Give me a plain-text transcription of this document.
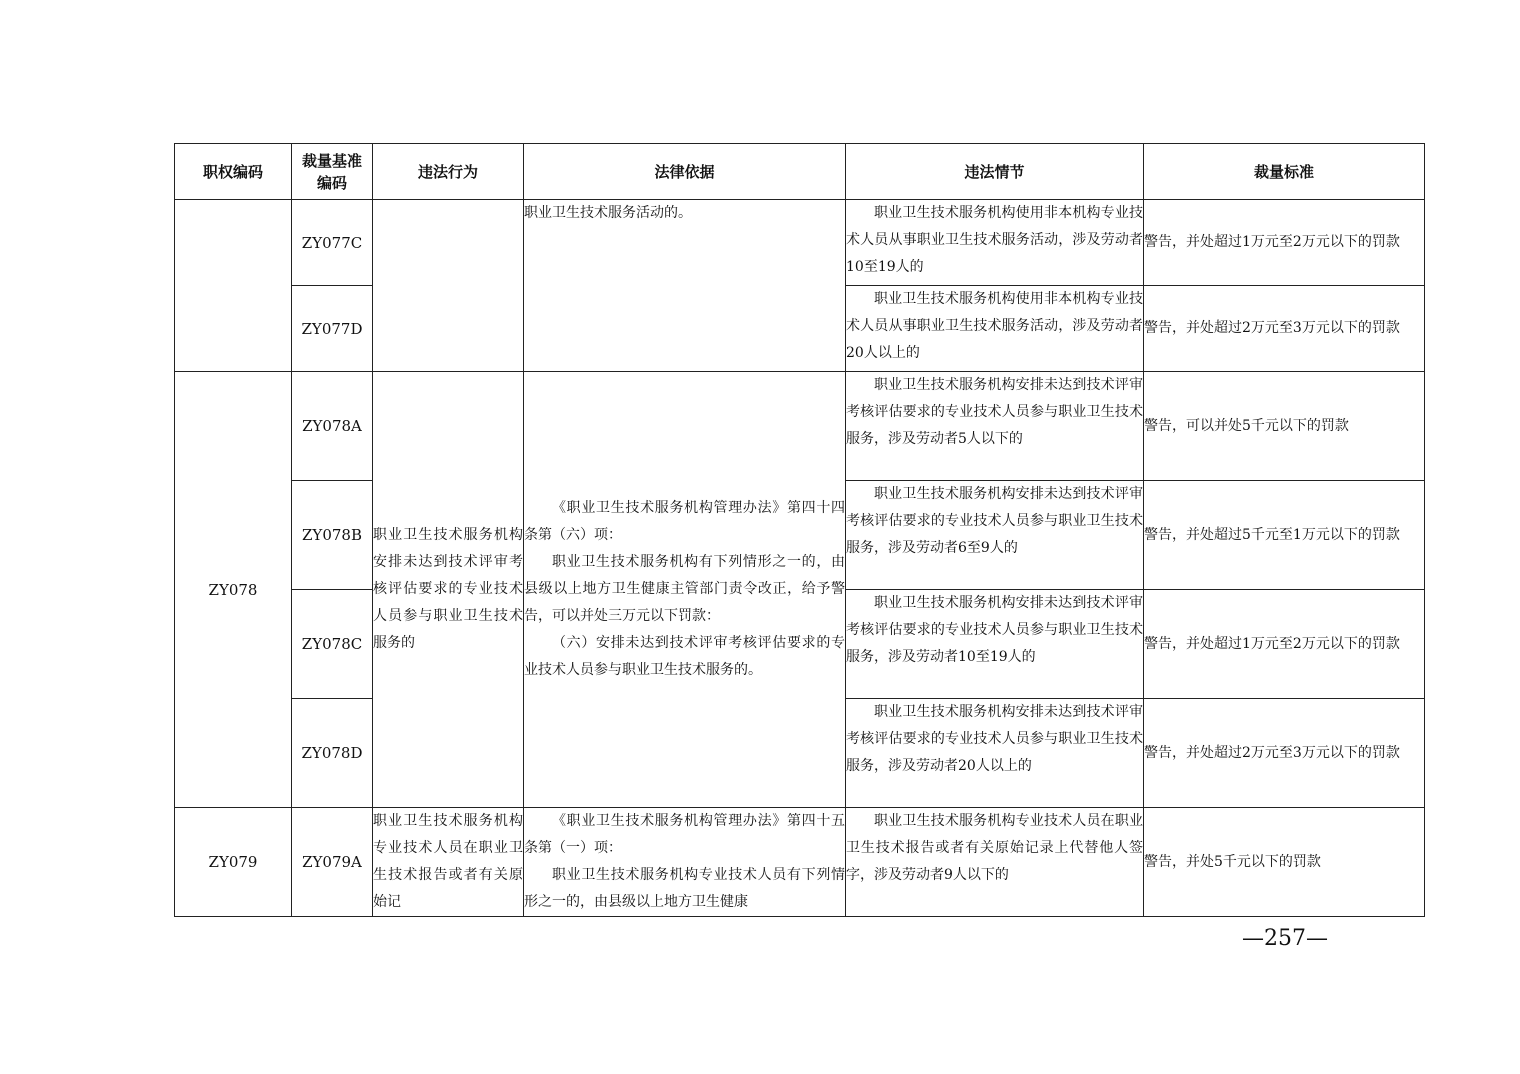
职权编码	裁量基准编码	违法行为	法律依据	违法情节	裁量标准
	ZY077C		职业卫生技术服务活动的。	职业卫生技术服务机构使用非本机构专业技术人员从事职业卫生技术服务活动，涉及劳动者10至19人的	警告，并处超过1万元至2万元以下的罚款
	ZY077D			职业卫生技术服务机构使用非本机构专业技术人员从事职业卫生技术服务活动，涉及劳动者20人以上的	警告，并处超过2万元至3万元以下的罚款
ZY078	ZY078A	职业卫生技术服务机构安排未达到技术评审考核评估要求的专业技术人员参与职业卫生技术服务的	《职业卫生技术服务机构管理办法》第四十四条第（六）项：

职业卫生技术服务机构有下列情形之一的，由县级以上地方卫生健康主管部门责令改正，给予警告，可以并处三万元以下罚款：

（六）安排未达到技术评审考核评估要求的专业技术人员参与职业卫生技术服务的。	职业卫生技术服务机构安排未达到技术评审考核评估要求的专业技术人员参与职业卫生技术服务，涉及劳动者5人以下的	警告，可以并处5千元以下的罚款
	ZY078B			职业卫生技术服务机构安排未达到技术评审考核评估要求的专业技术人员参与职业卫生技术服务，涉及劳动者6至9人的	警告，并处超过5千元至1万元以下的罚款
	ZY078C			职业卫生技术服务机构安排未达到技术评审考核评估要求的专业技术人员参与职业卫生技术服务，涉及劳动者10至19人的	警告，并处超过1万元至2万元以下的罚款
	ZY078D			职业卫生技术服务机构安排未达到技术评审考核评估要求的专业技术人员参与职业卫生技术服务，涉及劳动者20人以上的	警告，并处超过2万元至3万元以下的罚款
ZY079	ZY079A	职业卫生技术服务机构专业技术人员在职业卫生技术报告或者有关原始记	《职业卫生技术服务机构管理办法》第四十五条第（一）项：

职业卫生技术服务机构专业技术人员有下列情形之一的，由县级以上地方卫生健康	职业卫生技术服务机构专业技术人员在职业卫生技术报告或者有关原始记录上代替他人签字，涉及劳动者9人以下的	警告，并处5千元以下的罚款
—257—
